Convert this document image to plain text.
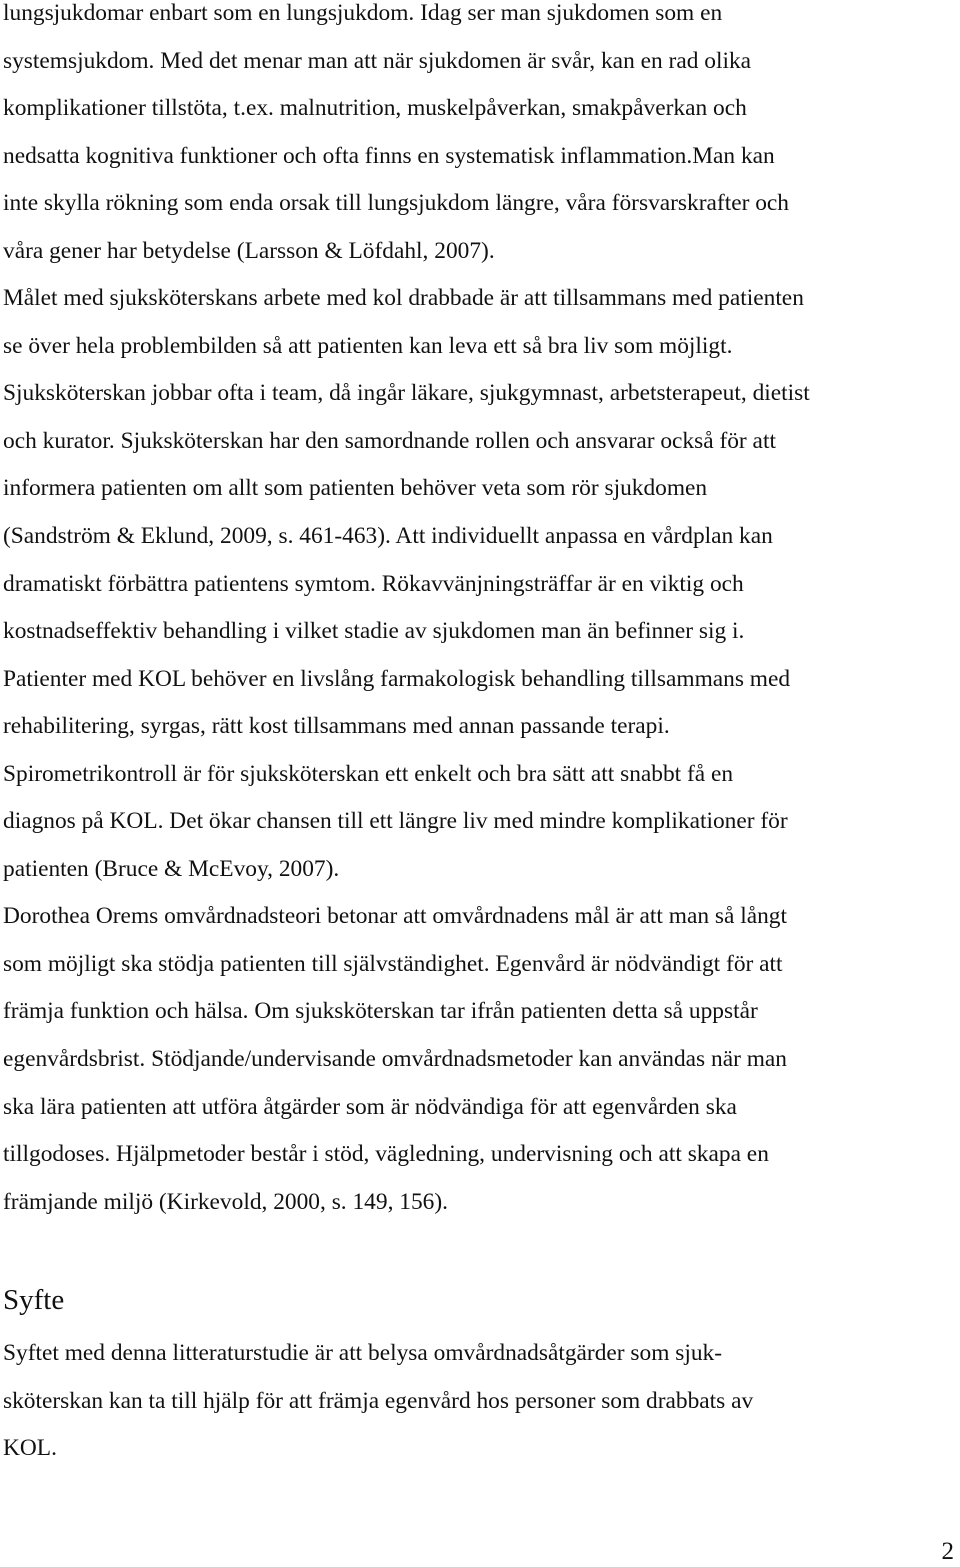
lungsjukdomar enbart som en lungsjukdom. Idag ser man sjukdomen som en
systemsjukdom. Med det menar man att när sjukdomen är svår, kan en rad olika
komplikationer tillstöta, t.ex. malnutrition, muskelpåverkan, smakpåverkan och
nedsatta kognitiva funktioner och ofta finns en systematisk inflammation.Man kan
inte skylla rökning som enda orsak till lungsjukdom längre, våra försvarskrafter och
våra gener har betydelse (Larsson & Löfdahl, 2007).
Målet med sjuksköterskans arbete med kol drabbade är att tillsammans med patienten
se över hela problembilden så att patienten kan leva ett så bra liv som möjligt.
Sjuksköterskan jobbar ofta i team, då ingår läkare, sjukgymnast, arbetsterapeut, dietist
och kurator. Sjuksköterskan har den samordnande rollen och ansvarar också för att
informera patienten om allt som patienten behöver veta som rör sjukdomen
(Sandström & Eklund, 2009, s. 461-463). Att individuellt anpassa en vårdplan kan
dramatiskt förbättra patientens symtom. Rökavvänjningsträffar är en viktig och
kostnadseffektiv behandling i vilket stadie av sjukdomen man än befinner sig i.
Patienter med KOL behöver en livslång farmakologisk behandling tillsammans med
rehabilitering, syrgas, rätt kost tillsammans med annan passande terapi.
Spirometrikontroll är för sjuksköterskan ett enkelt och bra sätt att snabbt få en
diagnos på KOL. Det ökar chansen till ett längre liv med mindre komplikationer för
patienten (Bruce & McEvoy, 2007).
Dorothea Orems omvårdnadsteori betonar att omvårdnadens mål är att man så långt
som möjligt ska stödja patienten till självständighet. Egenvård är nödvändigt för att
främja funktion och hälsa. Om sjuksköterskan tar ifrån patienten detta så uppstår
egenvårdsbrist. Stödjande/undervisande omvårdnadsmetoder kan användas när man
ska lära patienten att utföra åtgärder som är nödvändiga för att egenvården ska
tillgodoses. Hjälpmetoder består i stöd, vägledning, undervisning och att skapa en
främjande miljö (Kirkevold, 2000, s. 149, 156).
Syfte
Syftet med denna litteraturstudie är att belysa omvårdnadsåtgärder som sjuk-
sköterskan kan ta till hjälp för att främja egenvård hos personer som drabbats av
KOL.
2
